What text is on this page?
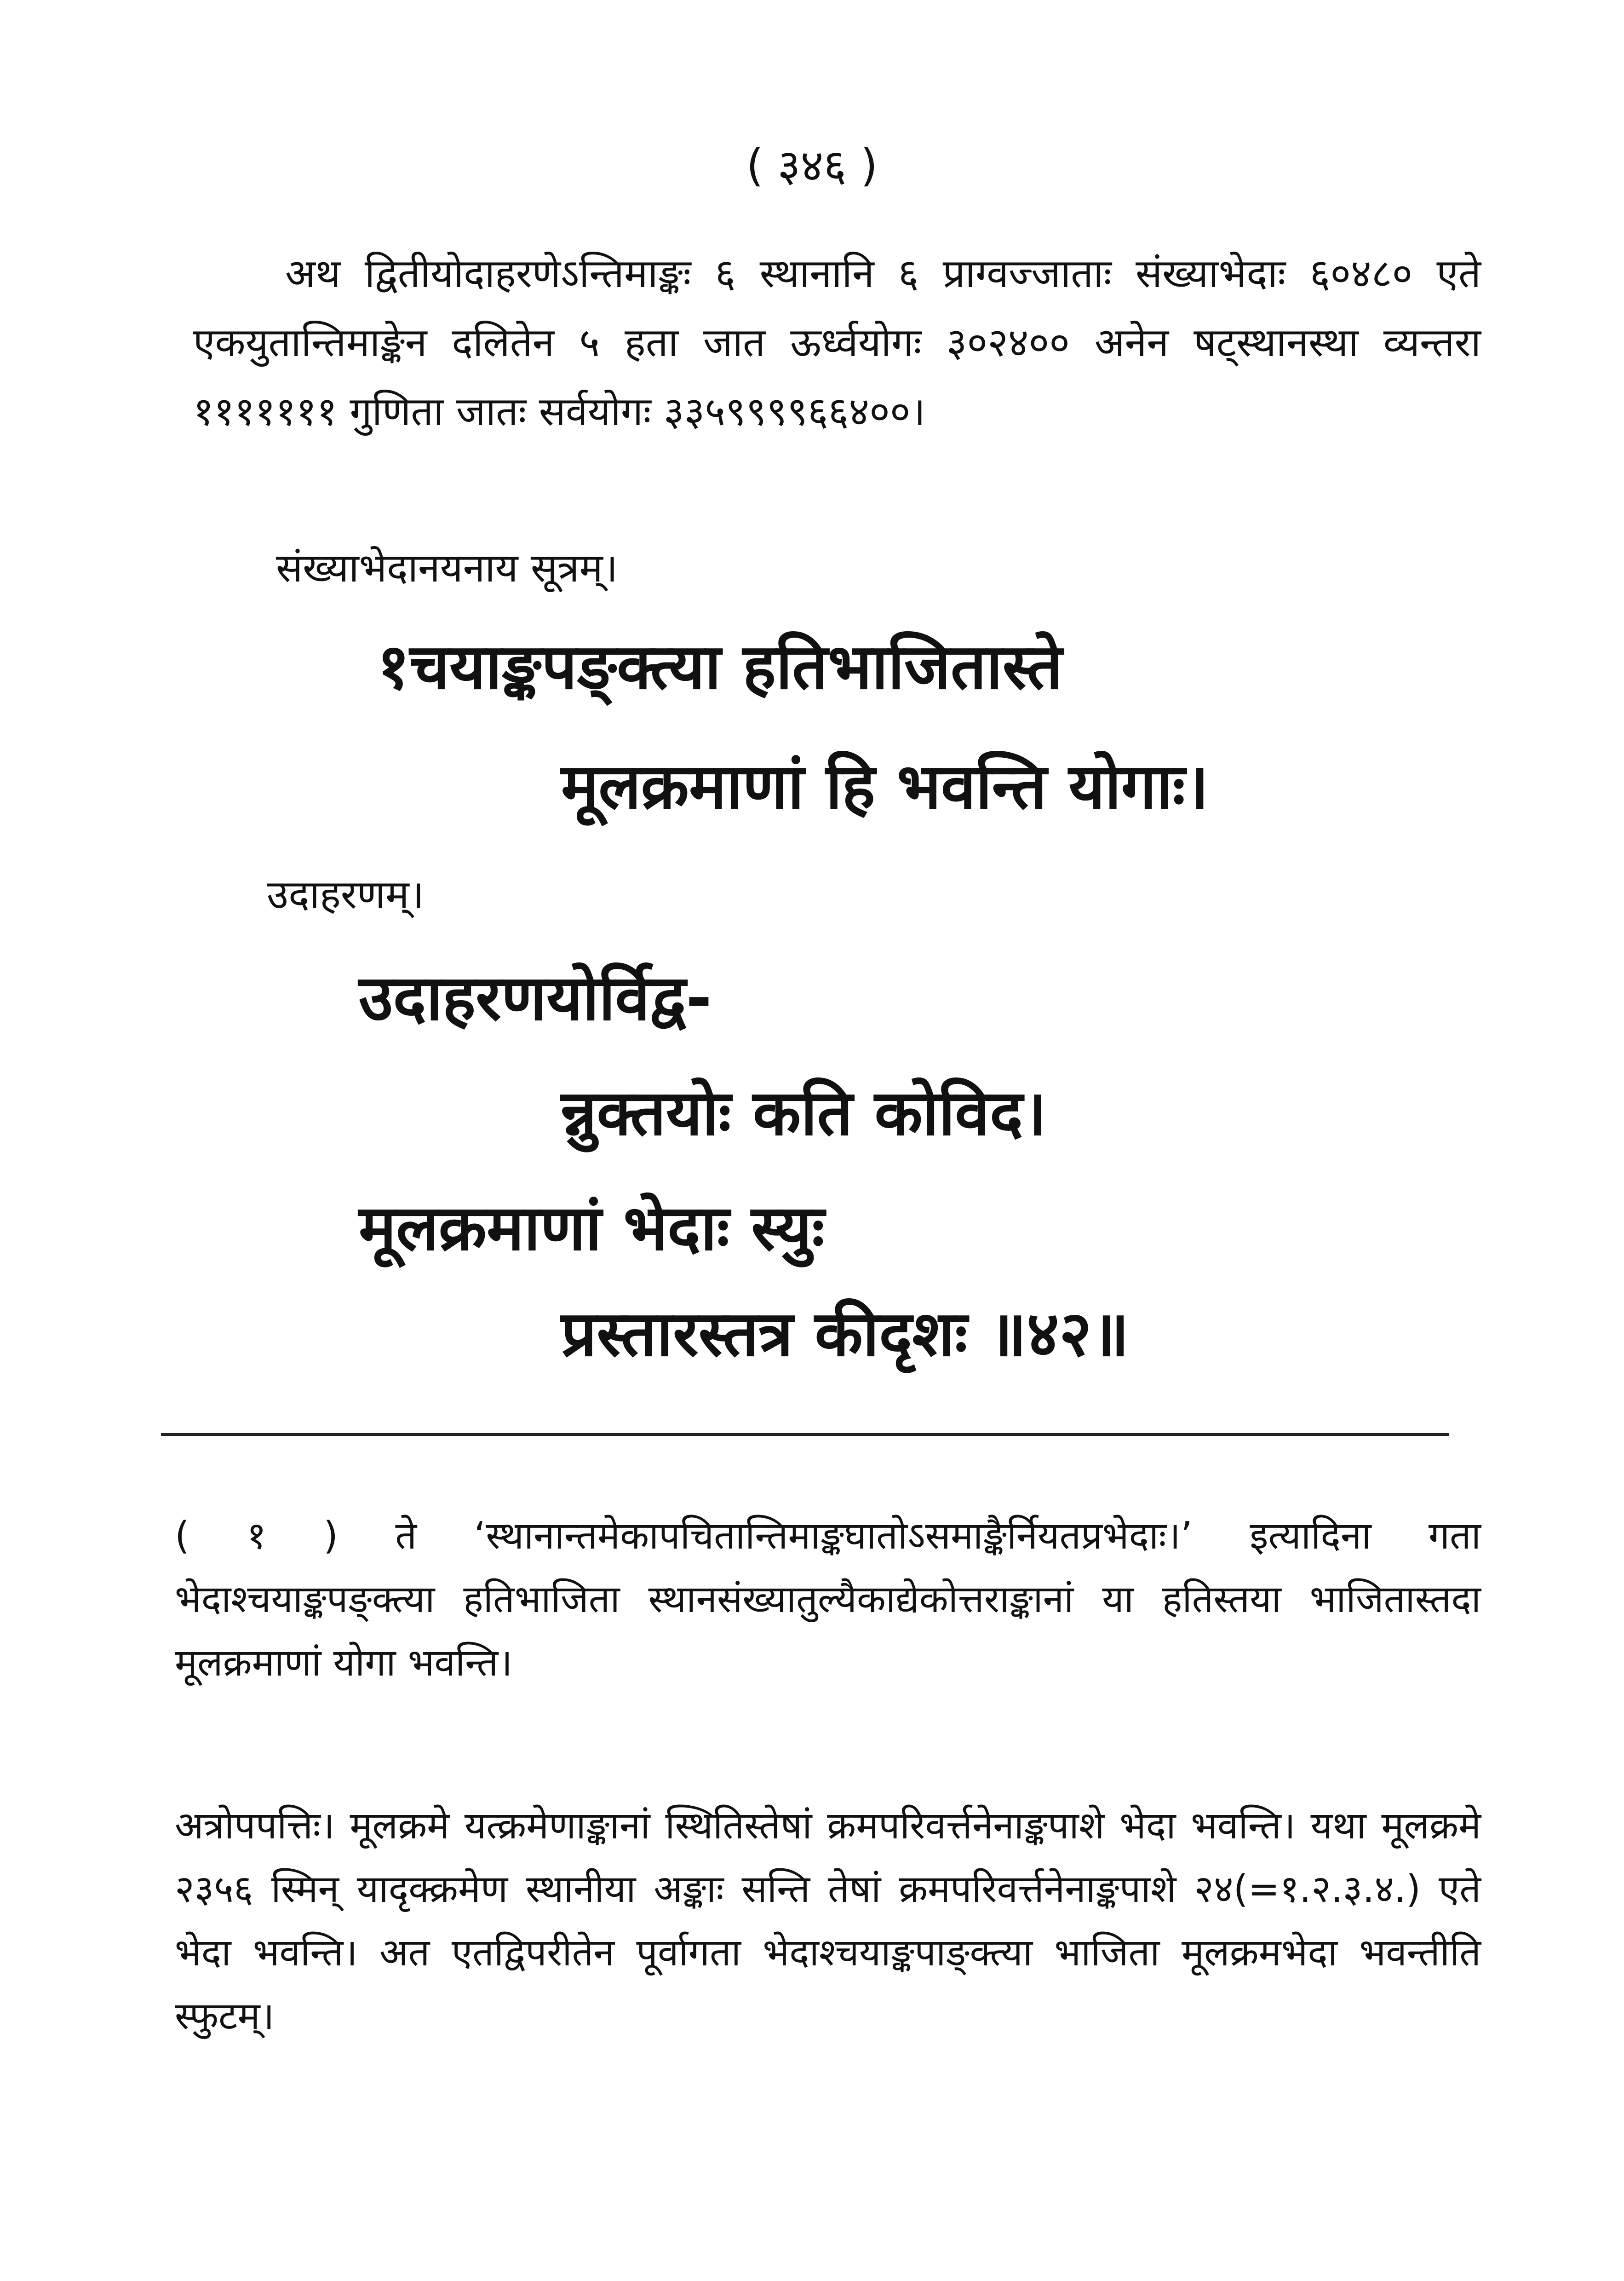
( ३४६ )
अथ द्वितीयोदाहरणेऽन्तिमाङ्कः ६ स्थानानि ६ प्राग्वज्जाताः संख्याभेदाः ६०४८० एते एकयुतान्तिमाङ्केन दलितेन ५ हता जात ऊर्ध्वयोगः ३०२४०० अनेन षट्स्थानस्था व्यन्तरा १११११११ गुणिता जातः सर्वयोगः ३३५९९९९६६४००।
संख्याभेदानयनाय सूत्रम्।
१चयाङ्कपङ्क्त्या हतिभाजितास्ते
मूलक्रमाणां हि भवन्ति योगाः।
उदाहरणम्।
उदाहरणयोर्विद्व-
न्नुक्तयोः कति कोविद।
मूलक्रमाणां भेदाः स्युः
प्रस्तारस्तत्र कीदृशः ॥४२॥
( १ ) ते ‘स्थानान्तमेकापचितान्तिमाङ्कघातोऽसमाङ्कैर्नियतप्रभेदाः।’ इत्यादिना गता भेदाश्चयाङ्कपङ्क्त्या हतिभाजिता स्थानसंख्यातुल्यैकाद्येकोत्तराङ्कानां या हतिस्तया भाजितास्तदा मूलक्रमाणां योगा भवन्ति।
अत्रोपपत्तिः। मूलक्रमे यत्क्रमेणाङ्कानां स्थितिस्तेषां क्रमपरिवर्त्तनेनाङ्कपाशे भेदा भवन्ति। यथा मूलक्रमे २३५६ स्मिन् यादृक्क्रमेण स्थानीया अङ्काः सन्ति तेषां क्रमपरिवर्त्तनेनाङ्कपाशे २४(=१.२.३.४.) एते भेदा भवन्ति। अत एतद्विपरीतेन पूर्वागता भेदाश्चयाङ्कपाङ्क्त्या भाजिता मूलक्रमभेदा भवन्तीति स्फुटम्।
